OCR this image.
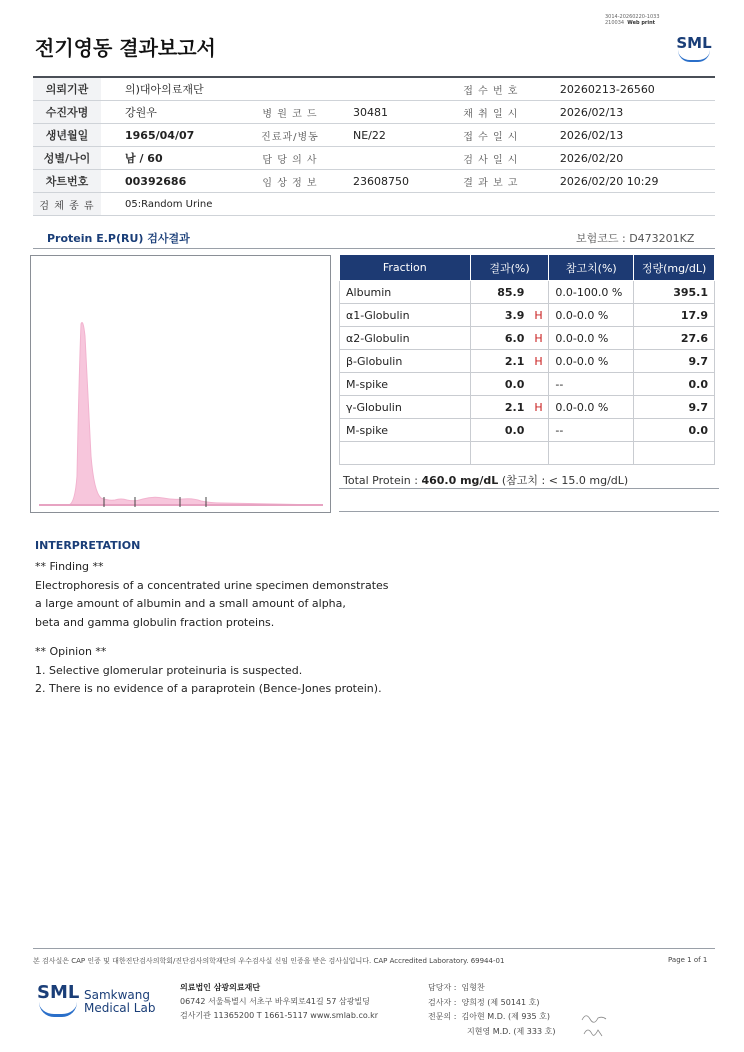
3014-20260220-1033
210034 Web print
전기영동 결과보고서	SML
의뢰기관	의)대아의료재단			접 수 번 호	20260213-26560
수진자명	강원우	병 원 코 드	30481	채 취 일 시	2026/02/13
생년월일	1965/04/07	진료과/병동	NE/22	접 수 일 시	2026/02/13
성별/나이	남 / 60	담 당 의 사		검 사 일 시	2026/02/20
차트번호	00392686	임 상 정 보	23608750	결 과 보 고	2026/02/20 10:29
검 체 종 류	05:Random Urine				
Protein E.P(RU) 검사결과	보험코드 : D473201KZ
Fraction	결과(%)	참고치(%)	정량(mg/dL)
Albumin	85.9	0.0-100.0 %	395.1
α1-Globulin	3.9 H	0.0-0.0 %	17.9
α2-Globulin	6.0 H	0.0-0.0 %	27.6
β-Globulin	2.1 H	0.0-0.0 %	9.7
M-spike	0.0	--	0.0
γ-Globulin	2.1 H	0.0-0.0 %	9.7
M-spike	0.0	--	0.0

Total Protein : 460.0 mg/dL (참고치 : < 15.0 mg/dL)
INTERPRETATION

** Finding **

Electrophoresis of a concentrated urine specimen demonstrates

a large amount of albumin and a small amount of alpha,

beta and gamma globulin fraction proteins.

** Opinion **

1. Selective glomerular proteinuria is suspected.

2. There is no evidence of a paraprotein (Bence-Jones protein).

본 검사실은 CAP 인증 및 대한진단검사의학회/진단검사의학재단의 우수검사실 신임 인증을 받은 검사실입니다. CAP Accredited Laboratory. 69944-01	Page 1 of 1
SML Samkwang
Medical Lab
의료법인 삼광의료재단
06742 서울특별시 서초구 바우뫼로41길 57 삼광빌딩
검사기관 11365200 T 1661-5117 www.smlab.co.kr
담당자 : 임형찬
검사자 : 양희정 (제 50141 호)
전문의 : 김아현 M.D. (제 935 호)
지현영 M.D. (제 333 호)
